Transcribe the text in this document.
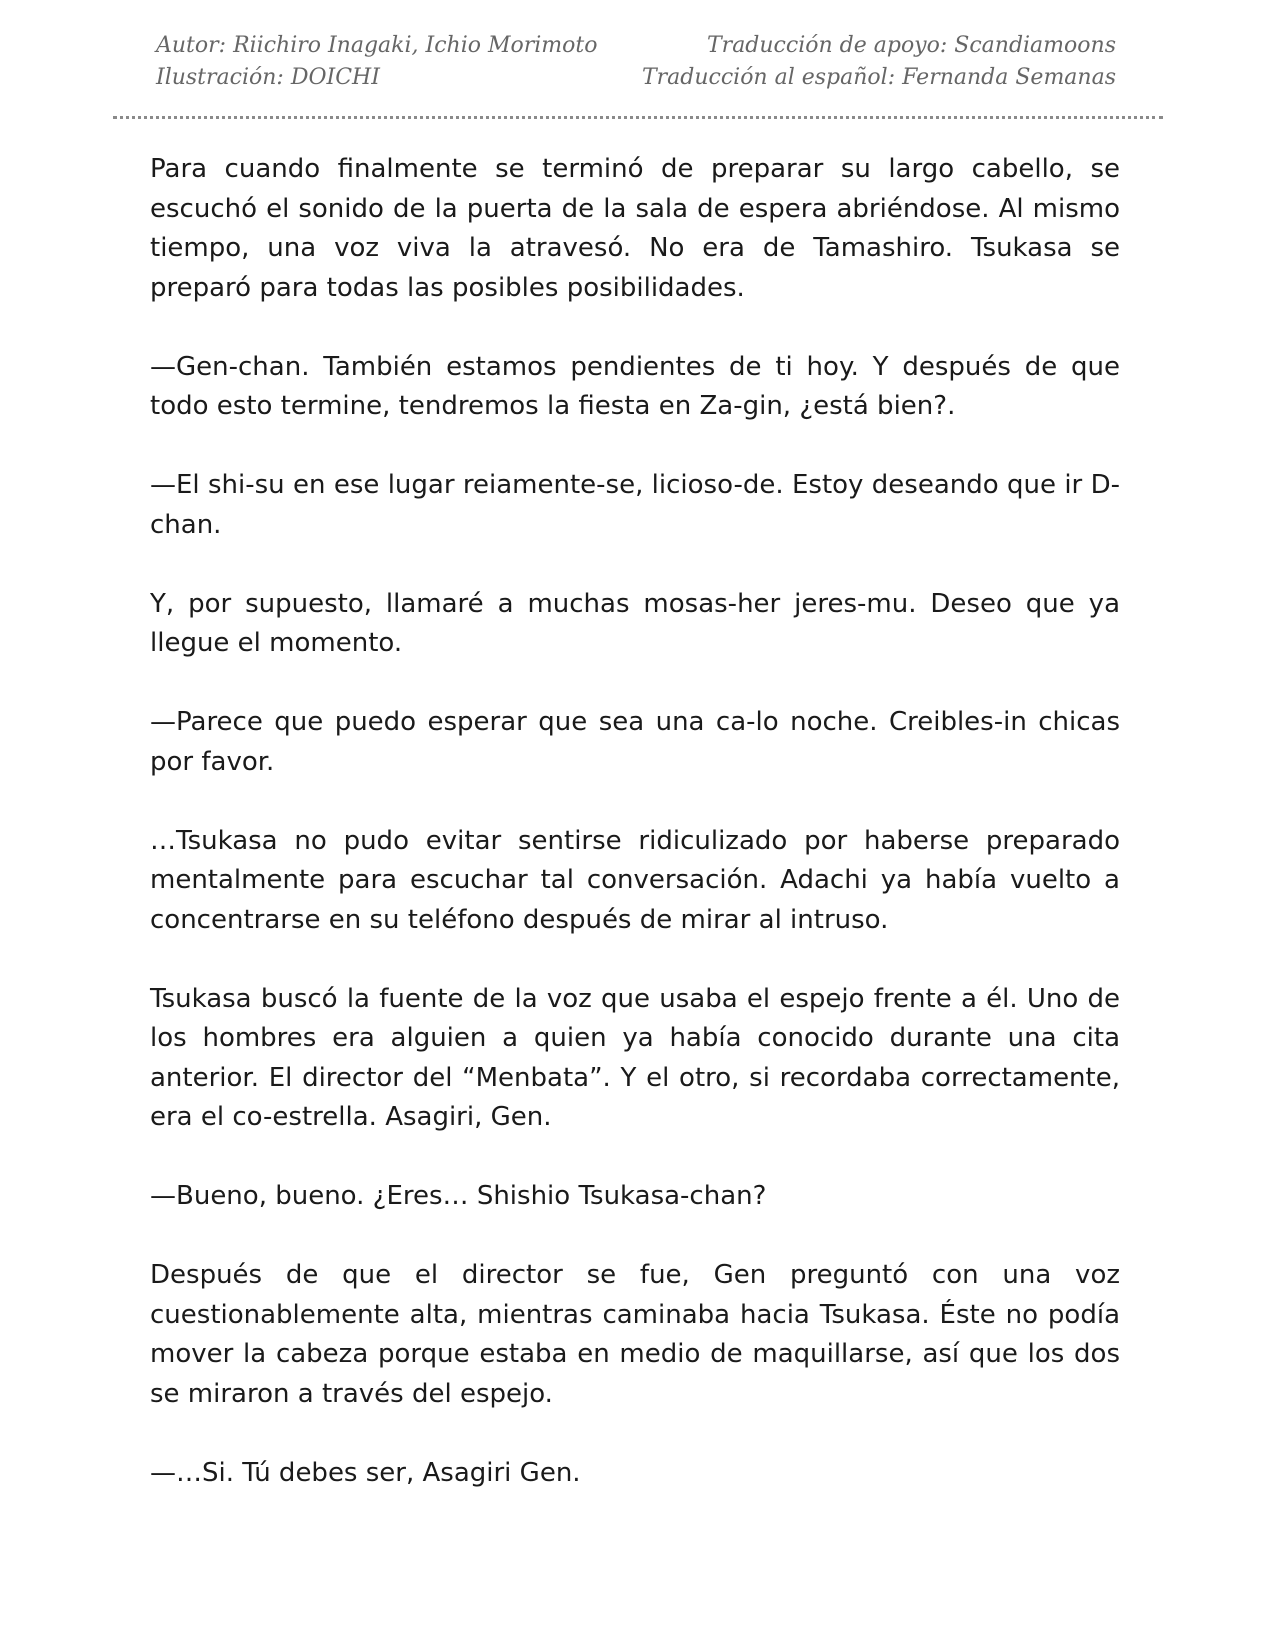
Autor: Riichiro Inagaki, Ichio Morimoto	Traducción de apoyo: Scandiamoons
Ilustración: DOICHI	Traducción al español: Fernanda Semanas

Para cuando finalmente se terminó de preparar su largo cabello, se escuchó el sonido de la puerta de la sala de espera abriéndose. Al mismo tiempo, una voz viva la atravesó. No era de Tamashiro. Tsukasa se preparó para todas las posibles posibilidades.

—Gen-chan. También estamos pendientes de ti hoy. Y después de que todo esto termine, tendremos la fiesta en Za-gin, ¿está bien?.

—El shi-su en ese lugar reiamente-se, licioso-de. Estoy deseando que ir D-chan.

Y, por supuesto, llamaré a muchas mosas-her jeres-mu. Deseo que ya llegue el momento.

—Parece que puedo esperar que sea una ca-lo noche. Creibles-in chicas por favor.

…Tsukasa no pudo evitar sentirse ridiculizado por haberse preparado mentalmente para escuchar tal conversación. Adachi ya había vuelto a concentrarse en su teléfono después de mirar al intruso.

Tsukasa buscó la fuente de la voz que usaba el espejo frente a él. Uno de los hombres era alguien a quien ya había conocido durante una cita anterior. El director del “Menbata”. Y el otro, si recordaba correctamente, era el co-estrella. Asagiri, Gen.

—Bueno, bueno. ¿Eres… Shishio Tsukasa-chan?

Después de que el director se fue, Gen preguntó con una voz cuestionablemente alta, mientras caminaba hacia Tsukasa. Éste no podía mover la cabeza porque estaba en medio de maquillarse, así que los dos se miraron a través del espejo.

—…Si. Tú debes ser, Asagiri Gen.
